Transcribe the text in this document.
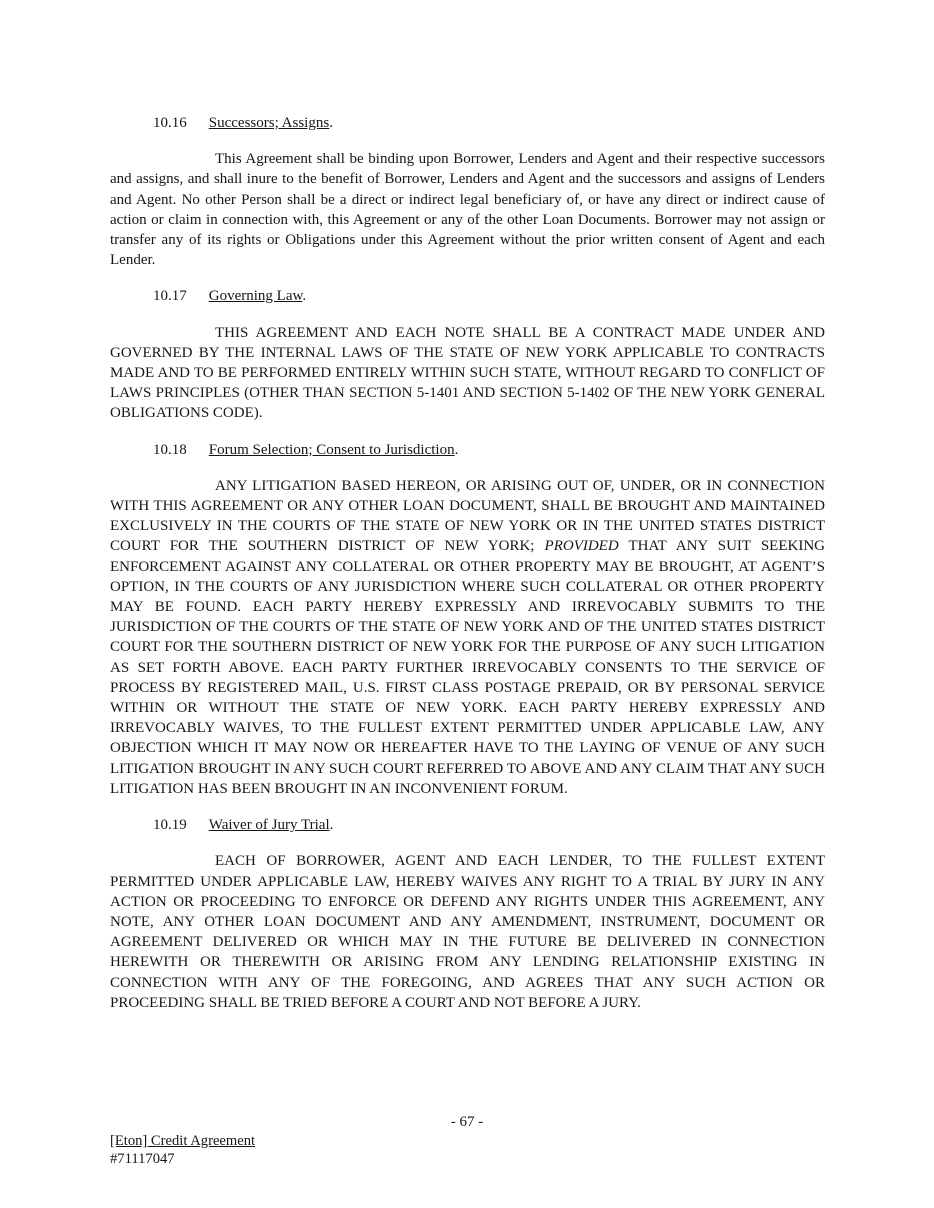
10.16 Successors; Assigns.

This Agreement shall be binding upon Borrower, Lenders and Agent and their respective successors and assigns, and shall inure to the benefit of Borrower, Lenders and Agent and the successors and assigns of Lenders and Agent. No other Person shall be a direct or indirect legal beneficiary of, or have any direct or indirect cause of action or claim in connection with, this Agreement or any of the other Loan Documents. Borrower may not assign or transfer any of its rights or Obligations under this Agreement without the prior written consent of Agent and each Lender.

10.17 Governing Law.

THIS AGREEMENT AND EACH NOTE SHALL BE A CONTRACT MADE UNDER AND GOVERNED BY THE INTERNAL LAWS OF THE STATE OF NEW YORK APPLICABLE TO CONTRACTS MADE AND TO BE PERFORMED ENTIRELY WITHIN SUCH STATE, WITHOUT REGARD TO CONFLICT OF LAWS PRINCIPLES (OTHER THAN SECTION 5-1401 AND SECTION 5-1402 OF THE NEW YORK GENERAL OBLIGATIONS CODE).

10.18 Forum Selection; Consent to Jurisdiction.

ANY LITIGATION BASED HEREON, OR ARISING OUT OF, UNDER, OR IN CONNECTION WITH THIS AGREEMENT OR ANY OTHER LOAN DOCUMENT, SHALL BE BROUGHT AND MAINTAINED EXCLUSIVELY IN THE COURTS OF THE STATE OF NEW YORK OR IN THE UNITED STATES DISTRICT COURT FOR THE SOUTHERN DISTRICT OF NEW YORK; PROVIDED THAT ANY SUIT SEEKING ENFORCEMENT AGAINST ANY COLLATERAL OR OTHER PROPERTY MAY BE BROUGHT, AT AGENT’S OPTION, IN THE COURTS OF ANY JURISDICTION WHERE SUCH COLLATERAL OR OTHER PROPERTY MAY BE FOUND. EACH PARTY HEREBY EXPRESSLY AND IRREVOCABLY SUBMITS TO THE JURISDICTION OF THE COURTS OF THE STATE OF NEW YORK AND OF THE UNITED STATES DISTRICT COURT FOR THE SOUTHERN DISTRICT OF NEW YORK FOR THE PURPOSE OF ANY SUCH LITIGATION AS SET FORTH ABOVE. EACH PARTY FURTHER IRREVOCABLY CONSENTS TO THE SERVICE OF PROCESS BY REGISTERED MAIL, U.S. FIRST CLASS POSTAGE PREPAID, OR BY PERSONAL SERVICE WITHIN OR WITHOUT THE STATE OF NEW YORK. EACH PARTY HEREBY EXPRESSLY AND IRREVOCABLY WAIVES, TO THE FULLEST EXTENT PERMITTED UNDER APPLICABLE LAW, ANY OBJECTION WHICH IT MAY NOW OR HEREAFTER HAVE TO THE LAYING OF VENUE OF ANY SUCH LITIGATION BROUGHT IN ANY SUCH COURT REFERRED TO ABOVE AND ANY CLAIM THAT ANY SUCH LITIGATION HAS BEEN BROUGHT IN AN INCONVENIENT FORUM.

10.19 Waiver of Jury Trial.

EACH OF BORROWER, AGENT AND EACH LENDER, TO THE FULLEST EXTENT PERMITTED UNDER APPLICABLE LAW, HEREBY WAIVES ANY RIGHT TO A TRIAL BY JURY IN ANY ACTION OR PROCEEDING TO ENFORCE OR DEFEND ANY RIGHTS UNDER THIS AGREEMENT, ANY NOTE, ANY OTHER LOAN DOCUMENT AND ANY AMENDMENT, INSTRUMENT, DOCUMENT OR AGREEMENT DELIVERED OR WHICH MAY IN THE FUTURE BE DELIVERED IN CONNECTION HEREWITH OR THEREWITH OR ARISING FROM ANY LENDING RELATIONSHIP EXISTING IN CONNECTION WITH ANY OF THE FOREGOING, AND AGREES THAT ANY SUCH ACTION OR PROCEEDING SHALL BE TRIED BEFORE A COURT AND NOT BEFORE A JURY.

- 67 -
[Eton] Credit Agreement
#71117047
